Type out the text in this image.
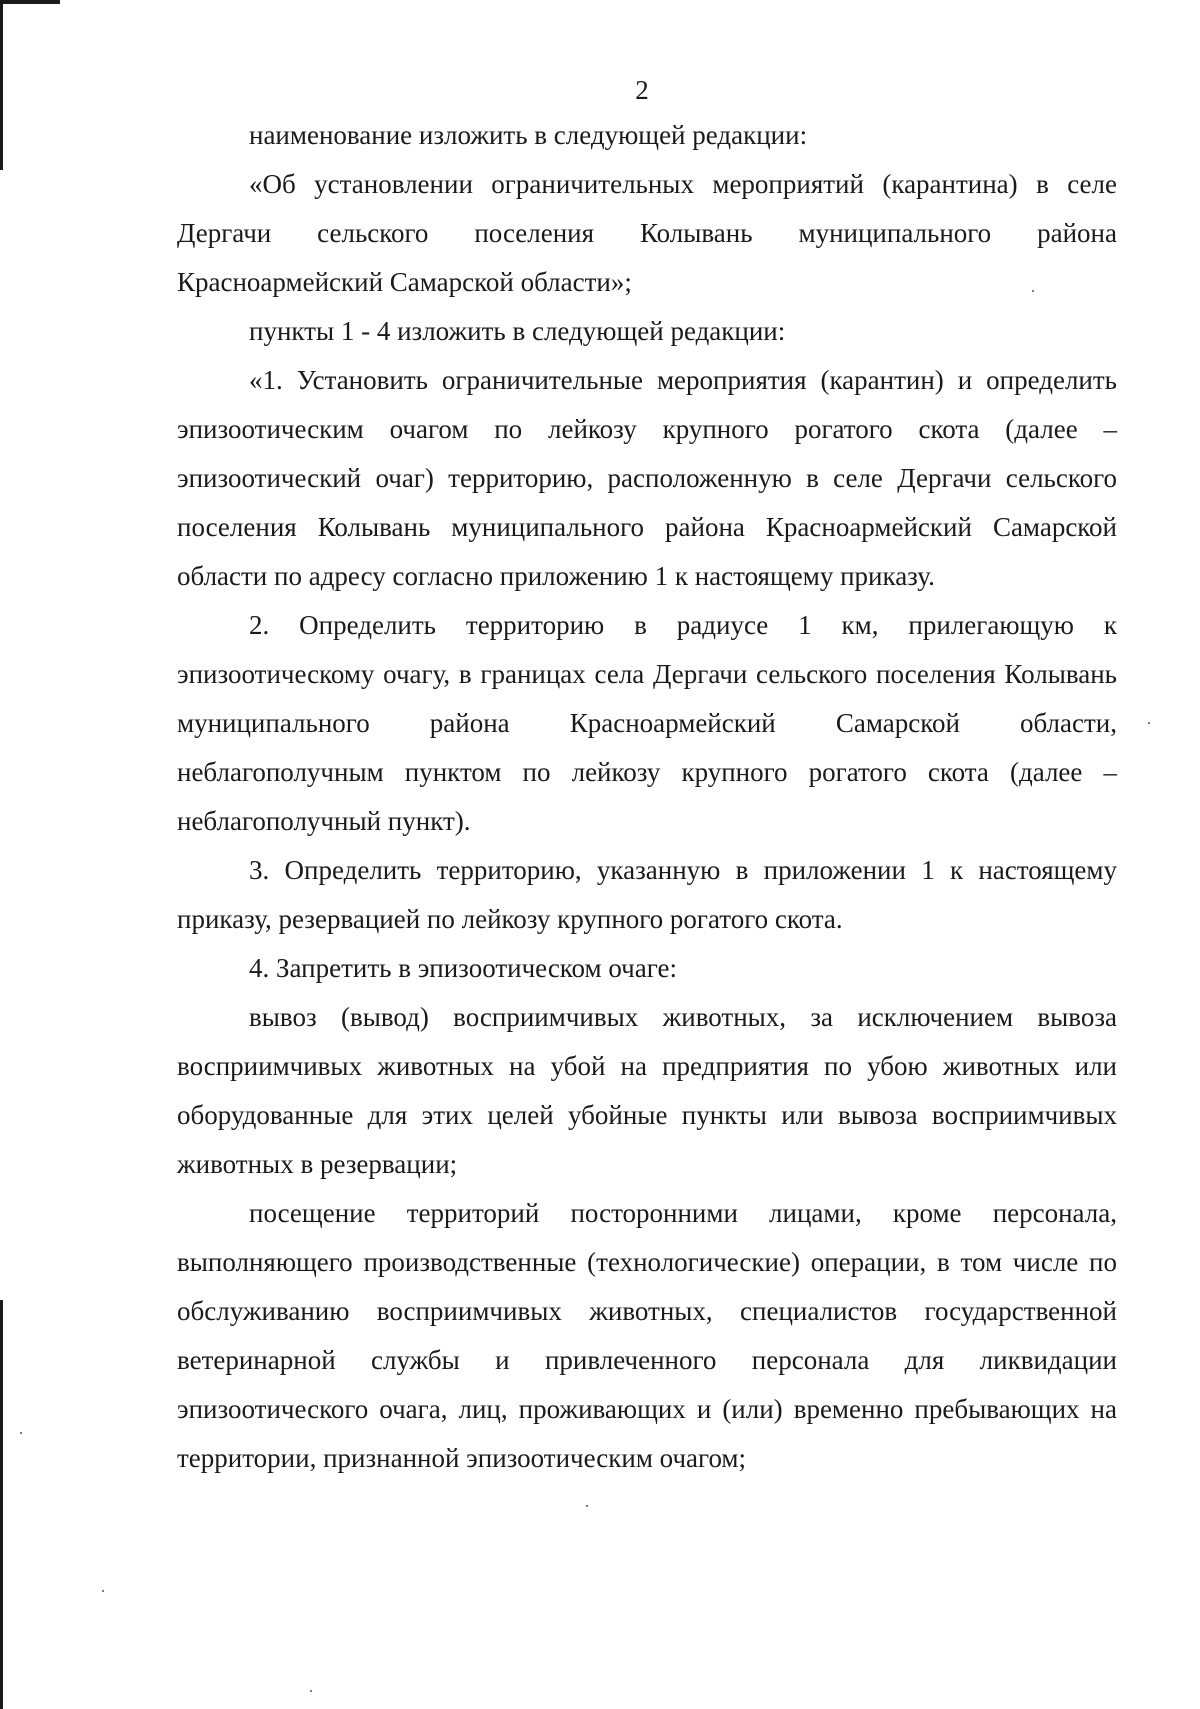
2

наименование изложить в следующей редакции:

«Об установлении ограничительных мероприятий (карантина) в селе Дергачи сельского поселения Колывань муниципального района Красноармейский Самарской области»;

пункты 1 - 4 изложить в следующей редакции:

«1. Установить ограничительные мероприятия (карантин) и определить эпизоотическим очагом по лейкозу крупного рогатого скота (далее – эпизоотический очаг) территорию, расположенную в селе Дергачи сельского поселения Колывань муниципального района Красноармейский Самарской области по адресу согласно приложению 1 к настоящему приказу.

2. Определить территорию в радиусе 1 км, прилегающую к эпизоотическому очагу, в границах села Дергачи сельского поселения Колывань муниципального района Красноармейский Самарской области, неблагополучным пунктом по лейкозу крупного рогатого скота (далее – неблагополучный пункт).

3. Определить территорию, указанную в приложении 1 к настоящему приказу, резервацией по лейкозу крупного рогатого скота.

4. Запретить в эпизоотическом очаге:

вывоз (вывод) восприимчивых животных, за исключением вывоза восприимчивых животных на убой на предприятия по убою животных или оборудованные для этих целей убойные пункты или вывоза восприимчивых животных в резервации;

посещение территорий посторонними лицами, кроме персонала, выполняющего производственные (технологические) операции, в том числе по обслуживанию восприимчивых животных, специалистов государственной ветеринарной службы и привлеченного персонала для ликвидации эпизоотического очага, лиц, проживающих и (или) временно пребывающих на территории, признанной эпизоотическим очагом;
